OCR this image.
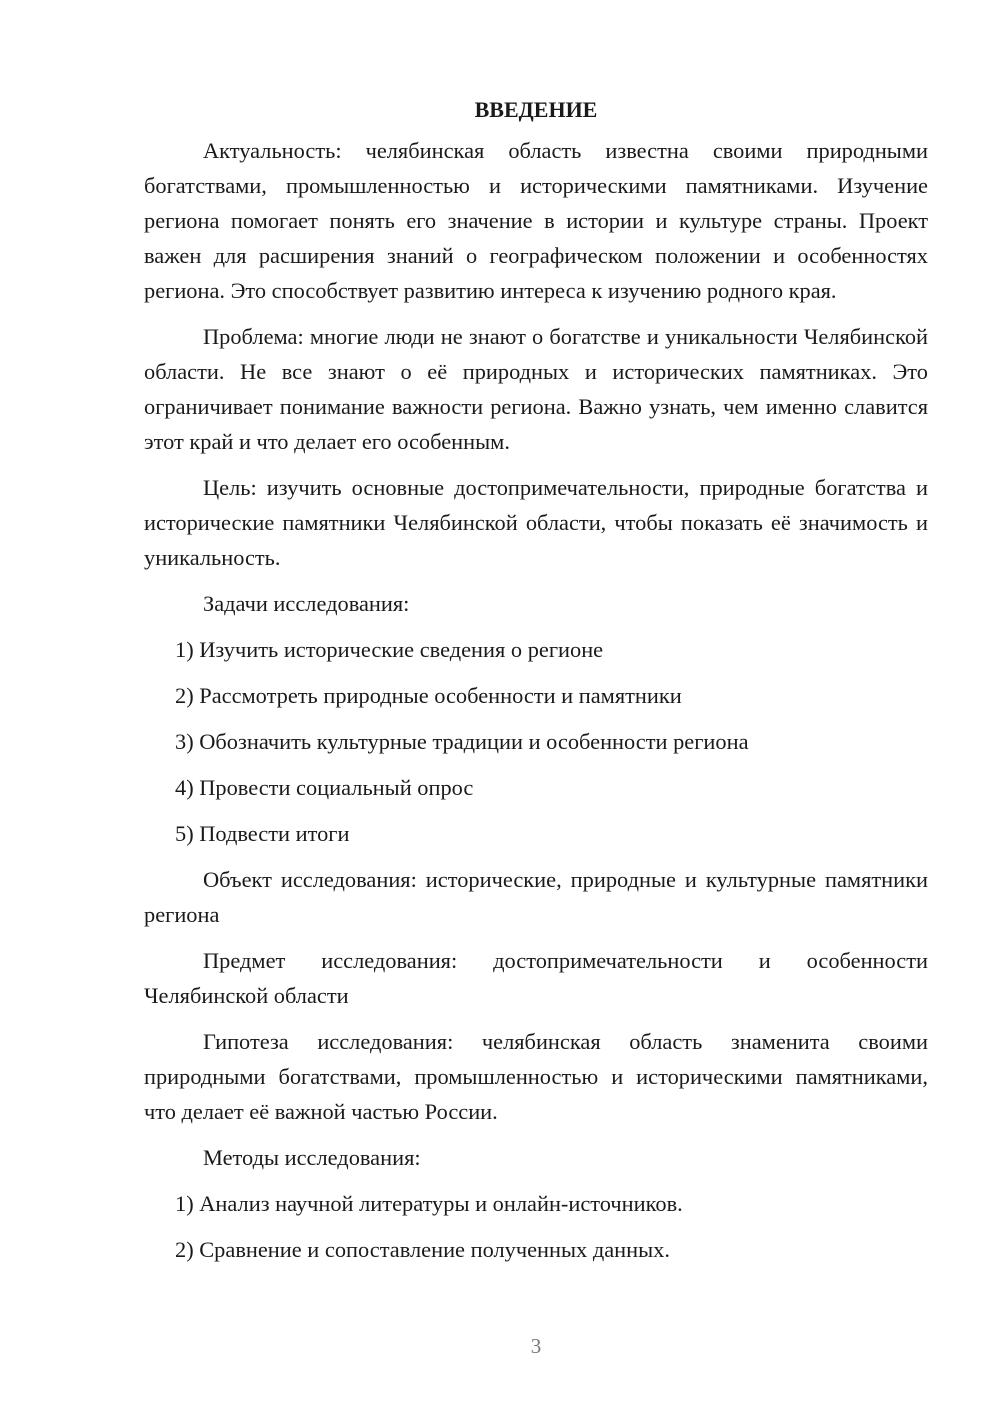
ВВЕДЕНИЕ

Актуальность: челябинская область известна своими природными богатствами, промышленностью и историческими памятниками. Изучение региона помогает понять его значение в истории и культуре страны. Проект важен для расширения знаний о географическом положении и особенностях региона. Это способствует развитию интереса к изучению родного края.

Проблема: многие люди не знают о богатстве и уникальности Челябинской области. Не все знают о её природных и исторических памятниках. Это ограничивает понимание важности региона. Важно узнать, чем именно славится этот край и что делает его особенным.

Цель: изучить основные достопримечательности, природные богатства и исторические памятники Челябинской области, чтобы показать её значимость и уникальность.

Задачи исследования:

1) Изучить исторические сведения о регионе

2) Рассмотреть природные особенности и памятники

3) Обозначить культурные традиции и особенности региона

4) Провести социальный опрос

5) Подвести итоги

Объект исследования: исторические, природные и культурные памятники региона

Предмет исследования: достопримечательности и особенности Челябинской области

Гипотеза исследования: челябинская область знаменита своими природными богатствами, промышленностью и историческими памятниками, что делает её важной частью России.

Методы исследования:

1) Анализ научной литературы и онлайн-источников.

2) Сравнение и сопоставление полученных данных.

3
